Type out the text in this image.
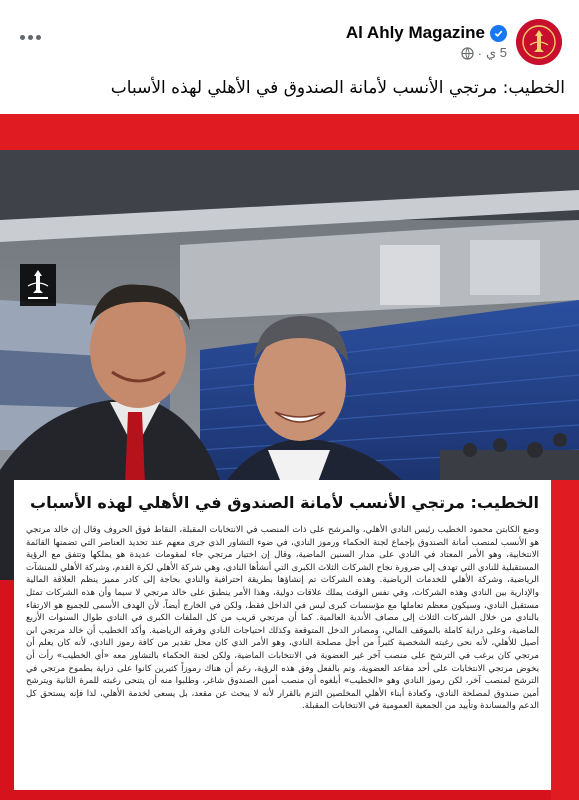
Al Ahly Magazine
5 ي
·
الخطيب: مرتجي الأنسب لأمانة الصندوق في الأهلي لهذه الأسباب
الخطيب: مرتجي الأنسب لأمانة الصندوق في الأهلي لهذه الأسباب
وضع الكابتن محمود الخطيب رئيس النادي الأهلي، والمرشح على ذات المنصب في الانتخابات المقبلة، النقاط فوق الحروف وقال إن خالد مرتجي هو الأنسب لمنصب أمانة الصندوق بإجماع لجنة الحكماء ورموز النادي، في ضوء التشاور الذي جرى معهم عند تحديد العناصر التي تضمنها القائمة الانتخابية، وهو الأمر المعتاد في النادي على مدار السنين الماضية، وقال إن اختيار مرتجي جاء لمقومات عديدة هو يملكها وتتفق مع الرؤية المستقبلية للنادي التي تهدف إلى ضرورة نجاح الشركات الثلاث الكبرى التي أنشأها النادي، وهي شركة الأهلي لكرة القدم، وشركة الأهلي للمنشآت الرياضية، وشركة الأهلي للخدمات الرياضية. وهذه الشركات تم إنشاؤها بطريقة احترافية والنادي بحاجة إلى كادر مميز ينظم العلاقة المالية والإدارية بين النادي وهذه الشركات، وفي نفس الوقت يملك علاقات دولية، وهذا الأمر ينطبق على خالد مرتجي لا سيما وأن هذه الشركات تمثل مستقبل النادي، وسيكون معظم تعاملها مع مؤسسات كبرى ليس في الداخل فقط، ولكن في الخارج أيضاً، لأن الهدف الأسمى للجميع هو الارتقاء بالنادي من خلال الشركات الثلاث إلى مصاف الأندية العالمية. كما أن مرتجي قريب من كل الملفات الكبرى في النادي طوال السنوات الأربع الماضية، وعلى دراية كاملة بالموقف المالي، ومصادر الدخل المتوقعة وكذلك احتياجات النادي وفرقه الرياضية. وأكد الخطيب أن خالد مرتجي ابن أصيل للأهلي، لأنه نحى رغبته الشخصية كثيراً من أجل مصلحة النادي، وهو الأمر الذي كان محل تقدير من كافة رموز النادي، لأنه كان يعلم أن مرتجي كان يرغب في الترشح على منصب آخر غير العضوية في الانتخابات الماضية، ولكن لجنة الحكماء بالتشاور معه «أي الخطيب» رأت أن يخوض مرتجي الانتخابات على أحد مقاعد العضوية، وتم بالفعل وفق هذه الرؤية، رغم أن هناك رموزاً كثيرين كانوا على دراية بطموح مرتجي في الترشح لمنصب آخر، لكن رموز النادي وهو «الخطيب» أبلغوه أن منصب أمين الصندوق شاغر، وطلبوا منه أن يتنحى رغبته للمرة الثانية ويترشح أمين صندوق لمصلحة النادي، وكعادة أبناء الأهلي المخلصين التزم بالقرار لأنه لا يبحث عن مقعد، بل يسعى لخدمة الأهلي، لذا فإنه يستحق كل الدعم والمساندة وتأييد من الجمعية العمومية في الانتخابات المقبلة.
